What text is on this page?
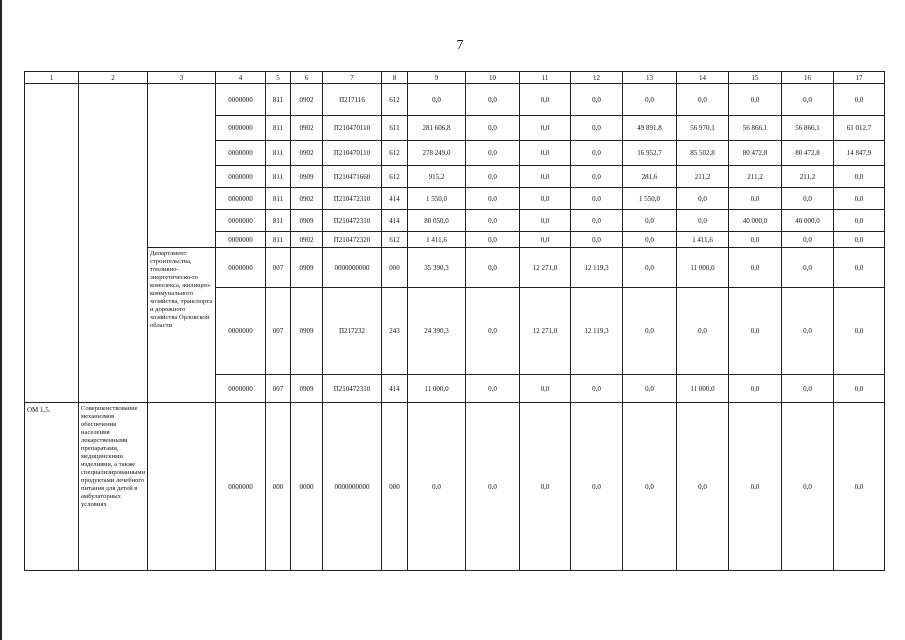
7
1	2	3	4	5	6	7	8	9	10	11	12	13	14	15	16	17
			0000000	811	0902	П217116	612	0,0	0,0	0,0	0,0	0,0	0,0	0,0	0,0	0,0
			0000000	811	0902	П210470110	611	281 606,8	0,0	0,0	0,0	49 891,8	56 970,1	56 866,1	56 866,1	61 012,7
			0000000	811	0902	П210470110	612	278 249,0	0,0	0,0	0,0	16 952,7	85 502,8	80 472,8	80 472,8	14 847,9
			0000000	811	0909	П210471660	612	915,2	0,0	0,0	0,0	281,6	211,2	211,2	211,2	0,0
			0000000	811	0902	П210472310	414	1 550,0	0,0	0,0	0,0	1 550,0	0,0	0,0	0,0	0,0
			0000000	811	0909	П210472310	414	80 050,0	0,0	0,0	0,0	0,0	0,0	40 000,0	40 000,0	0,0
			0000000	811	0902	П210472320	612	1 411,6	0,0	0,0	0,0	0,0	1 411,6	0,0	0,0	0,0
		Департамент строительства, топливно-энергетическо-го комплекса, жилищно-коммунального хозяйства, транспорта и дорожного хозяйства Орловской области	0000000	007	0909	0000000000	000	35 390,3	0,0	12 271,0	12 119,3	0,0	11 000,0	0,0	0,0	0,0
			0000000	007	0909	П217232	243	24 390,3	0,0	12 271,0	12 119,3	0,0	0,0	0,0	0,0	0,0
			0000000	007	0909	П210472310	414	11 000,0	0,0	0,0	0,0	0,0	11 000,0	0,0	0,0	0,0
ОМ 1.5.	Совершенствование механизмов обеспечения населения лекарственными препаратами, медицинскими изделиями, а также специализированными продуктами лечебного питания для детей в амбулаторных условиях		0000000	000	0000	0000000000	000	0,0	0,0	0,0	0,0	0,0	0,0	0,0	0,0	0,0
